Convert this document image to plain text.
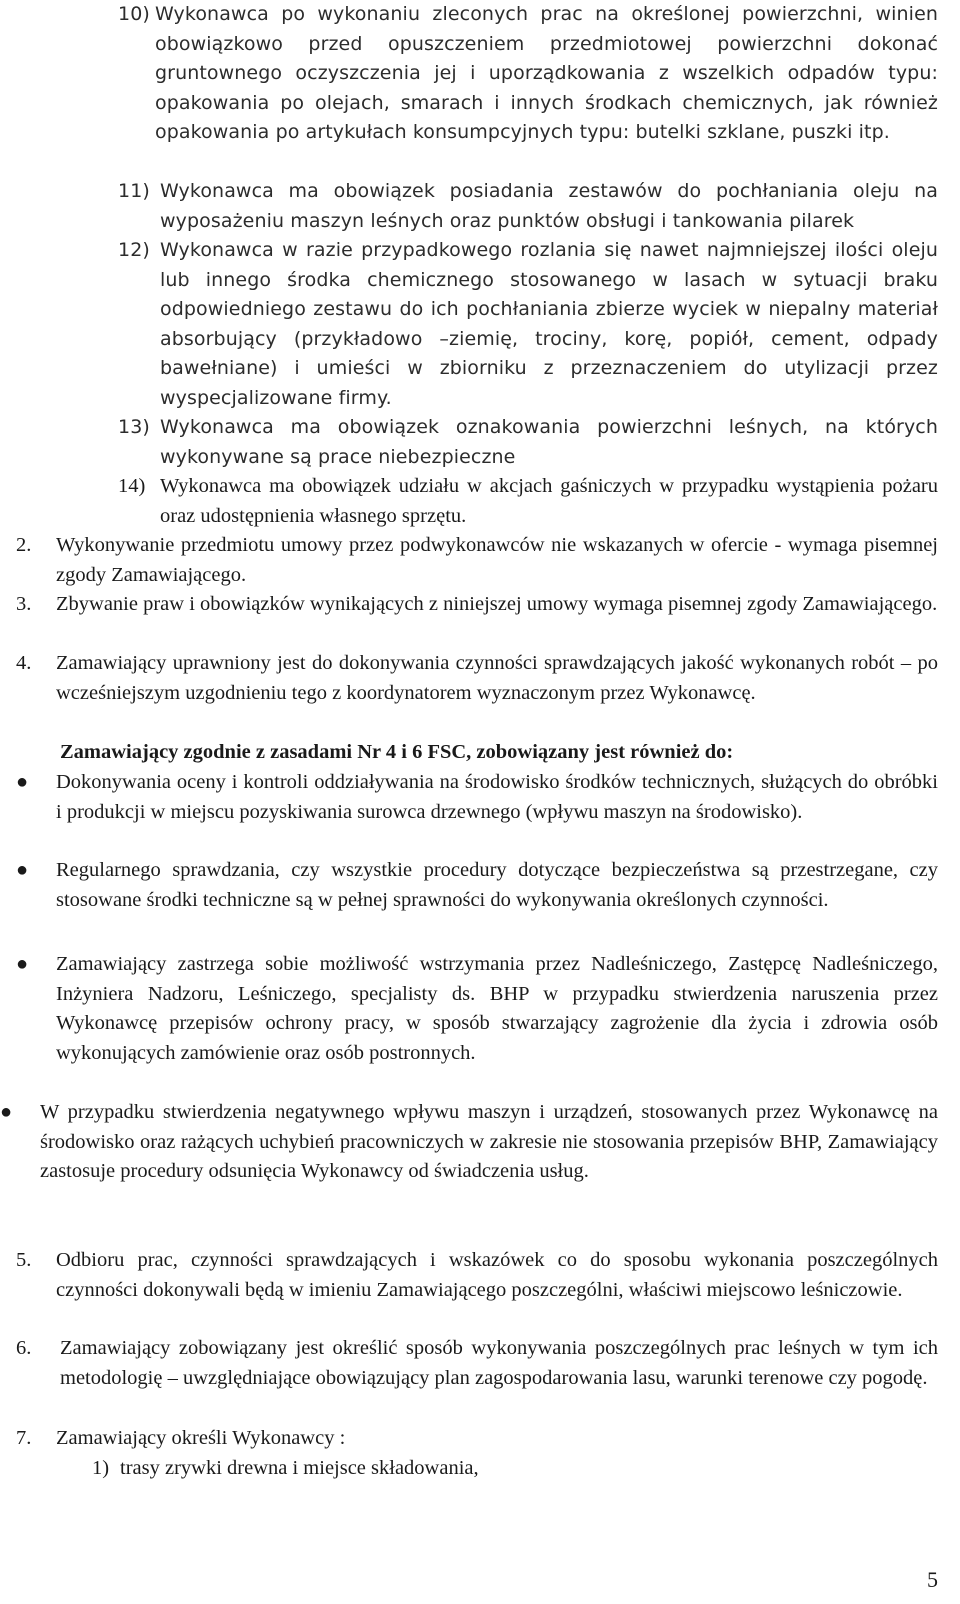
10) Wykonawca po wykonaniu zleconych prac na określonej powierzchni, winien obowiązkowo przed opuszczeniem przedmiotowej powierzchni dokonać gruntownego oczyszczenia jej i uporządkowania z wszelkich odpadów typu: opakowania po olejach, smarach i innych środkach chemicznych, jak również opakowania po artykułach konsumpcyjnych typu: butelki szklane, puszki itp.
11) Wykonawca ma obowiązek posiadania zestawów do pochłaniania oleju na wyposażeniu maszyn leśnych oraz punktów obsługi i tankowania pilarek
12) Wykonawca w razie przypadkowego rozlania się nawet najmniejszej ilości oleju lub innego środka chemicznego stosowanego w lasach w sytuacji braku odpowiedniego zestawu do ich pochłaniania zbierze wyciek w niepalny materiał absorbujący (przykładowo –ziemię, trociny, korę, popiół, cement, odpady bawełniane) i umieści w zbiorniku z przeznaczeniem do utylizacji przez wyspecjalizowane firmy.
13) Wykonawca ma obowiązek oznakowania powierzchni leśnych, na których wykonywane są prace niebezpieczne
14) Wykonawca ma obowiązek udziału w akcjach gaśniczych w przypadku wystąpienia pożaru oraz udostępnienia własnego sprzętu.
2. Wykonywanie przedmiotu umowy przez podwykonawców nie wskazanych w ofercie - wymaga pisemnej zgody Zamawiającego.
3. Zbywanie praw i obowiązków wynikających z niniejszej umowy wymaga pisemnej zgody Zamawiającego.
4. Zamawiający uprawniony jest do dokonywania czynności sprawdzających jakość wykonanych robót – po wcześniejszym uzgodnieniu tego z koordynatorem wyznaczonym przez Wykonawcę.
Zamawiający zgodnie z zasadami Nr 4 i 6 FSC, zobowiązany jest również do:
● Dokonywania oceny i kontroli oddziaływania na środowisko środków technicznych, służących do obróbki i produkcji w miejscu pozyskiwania surowca drzewnego (wpływu maszyn na środowisko).
● Regularnego sprawdzania, czy wszystkie procedury dotyczące bezpieczeństwa są przestrzegane, czy stosowane środki techniczne są w pełnej sprawności do wykonywania określonych czynności.
● Zamawiający zastrzega sobie możliwość wstrzymania przez Nadleśniczego, Zastępcę Nadleśniczego, Inżyniera Nadzoru, Leśniczego, specjalisty ds. BHP w przypadku stwierdzenia naruszenia przez Wykonawcę przepisów ochrony pracy, w sposób stwarzający zagrożenie dla życia i zdrowia osób wykonujących zamówienie oraz osób postronnych.
● W przypadku stwierdzenia negatywnego wpływu maszyn i urządzeń, stosowanych przez Wykonawcę na środowisko oraz rażących uchybień pracowniczych w zakresie nie stosowania przepisów BHP, Zamawiający zastosuje procedury odsunięcia Wykonawcy od świadczenia usług.
5. Odbioru prac, czynności sprawdzających i wskazówek co do sposobu wykonania poszczególnych czynności dokonywali będą w imieniu Zamawiającego poszczególni, właściwi miejscowo leśniczowie.
6. Zamawiający zobowiązany jest określić sposób wykonywania poszczególnych prac leśnych w tym ich metodologię – uwzględniające obowiązujący plan zagospodarowania lasu, warunki terenowe czy pogodę.
7. Zamawiający określi Wykonawcy :
1) trasy zrywki drewna i miejsce składowania,
5
